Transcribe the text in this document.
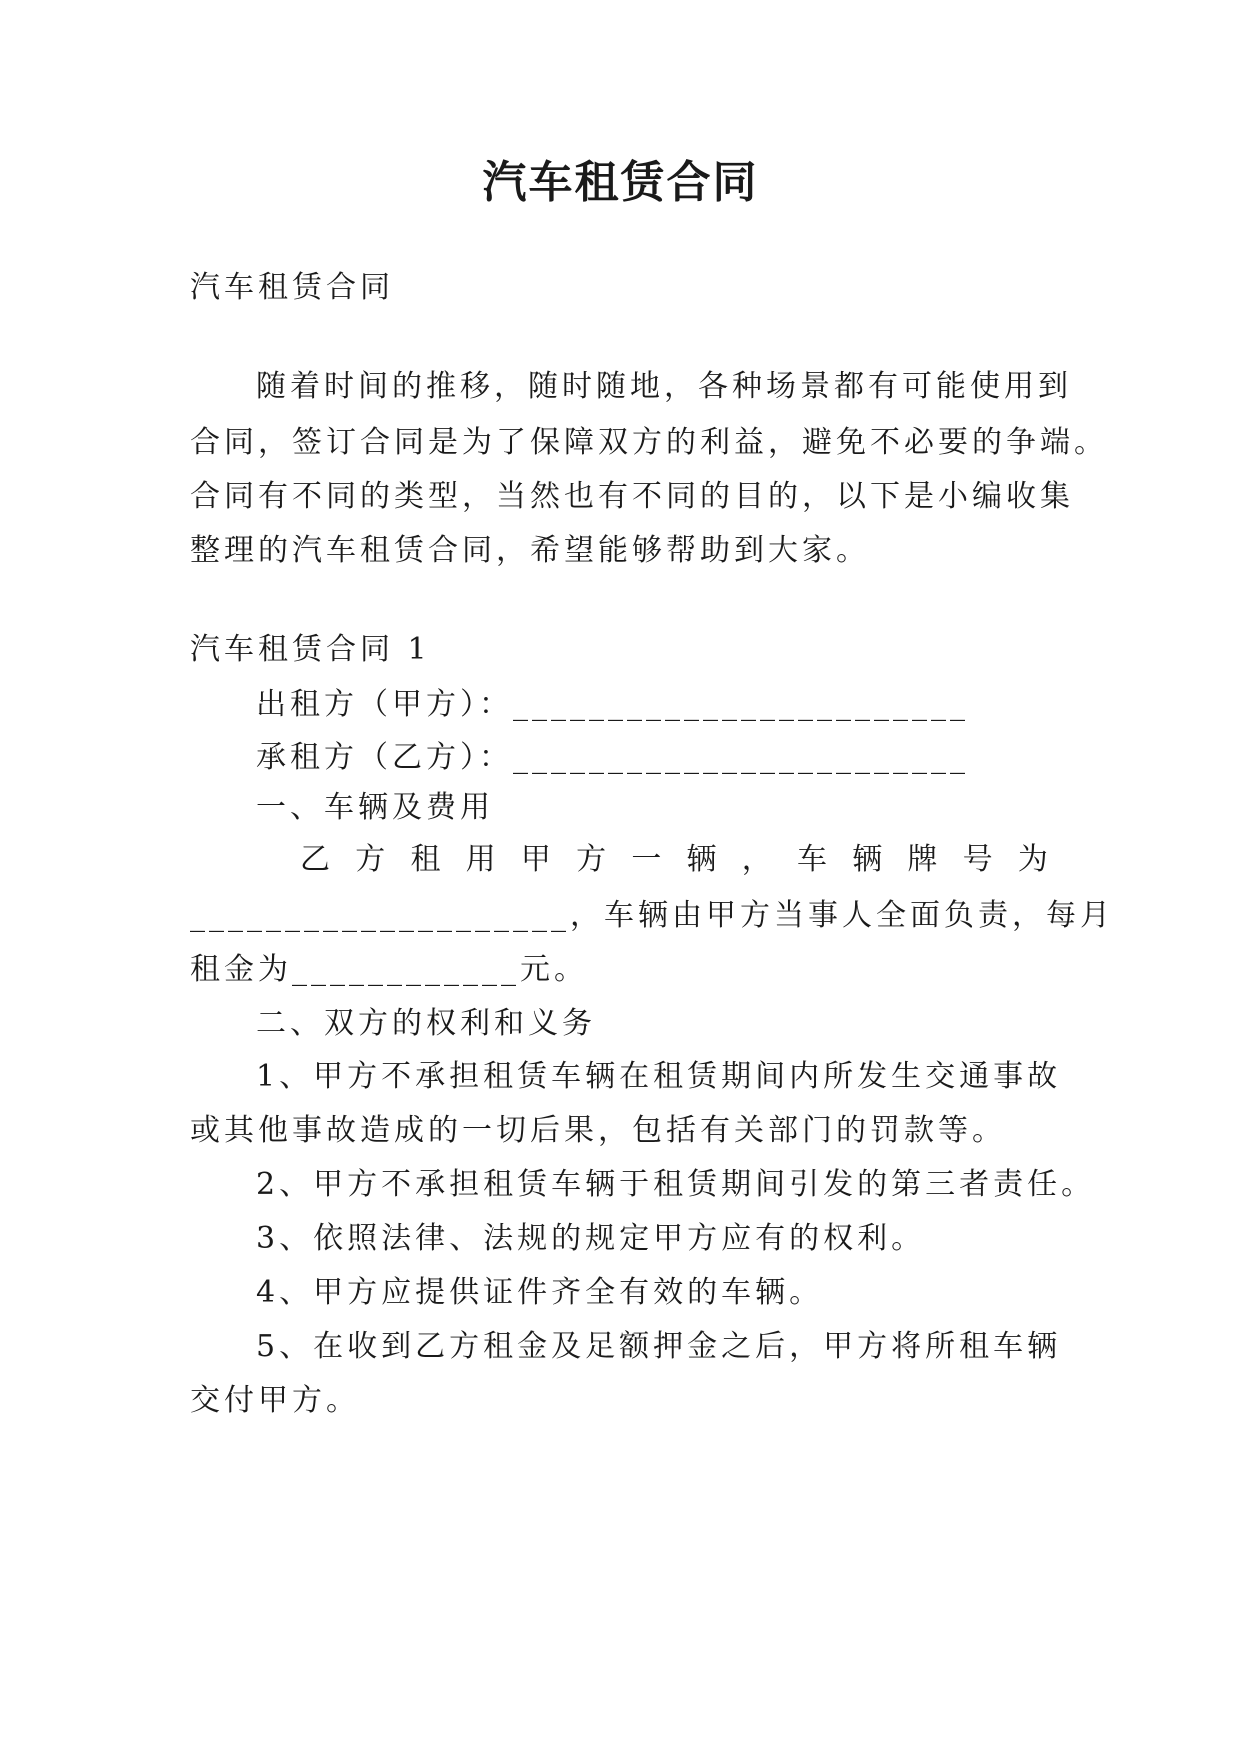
汽车租赁合同
汽车租赁合同
随着时间的推移，随时随地，各种场景都有可能使用到
合同，签订合同是为了保障双方的利益，避免不必要的争端。
合同有不同的类型，当然也有不同的目的，以下是小编收集
整理的汽车租赁合同，希望能够帮助到大家。
汽车租赁合同 1
出租方（甲方）：________________________
承租方（乙方）：________________________
一、车辆及费用
乙 方 租 用 甲 方 一 辆 ， 车 辆 牌 号 为
____________________，车辆由甲方当事人全面负责，每月
租金为____________元。
二、双方的权利和义务
1、甲方不承担租赁车辆在租赁期间内所发生交通事故
或其他事故造成的一切后果，包括有关部门的罚款等。
2、甲方不承担租赁车辆于租赁期间引发的第三者责任。
3、依照法律、法规的规定甲方应有的权利。
4、甲方应提供证件齐全有效的车辆。
5、在收到乙方租金及足额押金之后，甲方将所租车辆
交付甲方。
